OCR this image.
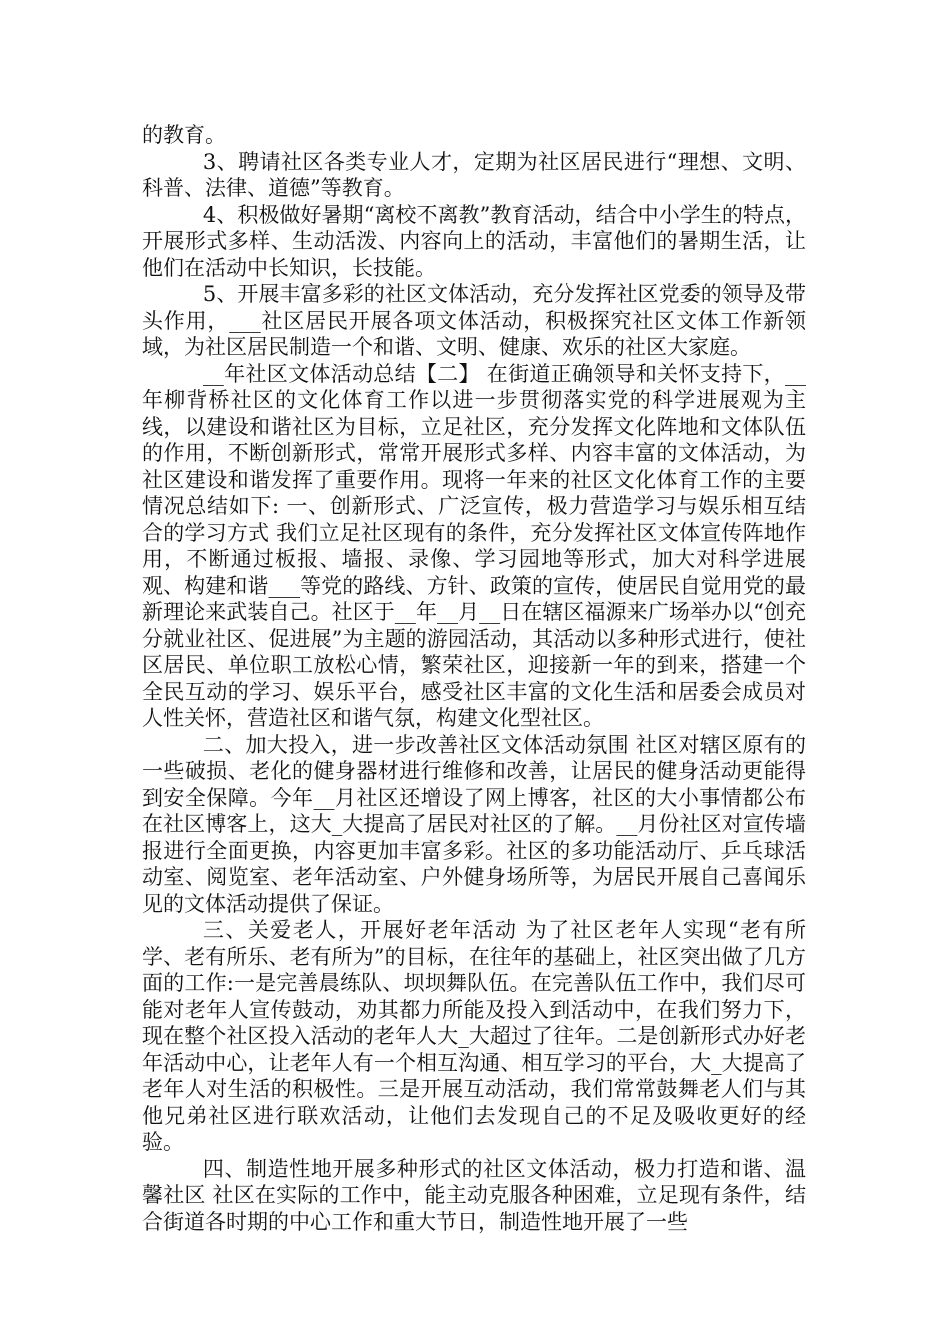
的教育。

3、聘请社区各类专业人才，定期为社区居民进行“理想、文明、科普、法律、道德”等教育。

4、积极做好暑期“离校不离教”教育活动，结合中小学生的特点，开展形式多样、生动活泼、内容向上的活动，丰富他们的暑期生活，让他们在活动中长知识，长技能。

5、开展丰富多彩的社区文体活动，充分发挥社区党委的领导及带头作用，___社区居民开展各项文体活动，积极探究社区文体工作新领域，为社区居民制造一个和谐、文明、健康、欢乐的社区大家庭。

__年社区文体活动总结【二】 在街道正确领导和关怀支持下，__年柳背桥社区的文化体育工作以进一步贯彻落实党的科学进展观为主线，以建设和谐社区为目标，立足社区，充分发挥文化阵地和文体队伍的作用，不断创新形式，常常开展形式多样、内容丰富的文体活动，为社区建设和谐发挥了重要作用。现将一年来的社区文化体育工作的主要情况总结如下: 一、创新形式、广泛宣传，极力营造学习与娱乐相互结合的学习方式 我们立足社区现有的条件，充分发挥社区文体宣传阵地作用，不断通过板报、墙报、录像、学习园地等形式，加大对科学进展观、构建和谐___等党的路线、方针、政策的宣传，使居民自觉用党的最新理论来武装自己。社区于__年__月__日在辖区福源来广场举办以“创充分就业社区、促进展”为主题的游园活动，其活动以多种形式进行，使社区居民、单位职工放松心情，繁荣社区，迎接新一年的到来，搭建一个全民互动的学习、娱乐平台，感受社区丰富的文化生活和居委会成员对人性关怀，营造社区和谐气氛，构建文化型社区。

二、加大投入，进一步改善社区文体活动氛围 社区对辖区原有的一些破损、老化的健身器材进行维修和改善，让居民的健身活动更能得到安全保障。今年__月社区还增设了网上博客，社区的大小事情都公布在社区博客上，这大_大提高了居民对社区的了解。__月份社区对宣传墙报进行全面更换，内容更加丰富多彩。社区的多功能活动厅、乒乓球活动室、阅览室、老年活动室、户外健身场所等，为居民开展自己喜闻乐见的文体活动提供了保证。

三、关爱老人，开展好老年活动 为了社区老年人实现“老有所学、老有所乐、老有所为”的目标，在往年的基础上，社区突出做了几方面的工作:一是完善晨练队、坝坝舞队伍。在完善队伍工作中，我们尽可能对老年人宣传鼓动，劝其都力所能及投入到活动中，在我们努力下，现在整个社区投入活动的老年人大_大超过了往年。二是创新形式办好老年活动中心，让老年人有一个相互沟通、相互学习的平台，大_大提高了老年人对生活的积极性。三是开展互动活动，我们常常鼓舞老人们与其他兄弟社区进行联欢活动，让他们去发现自己的不足及吸收更好的经验。

四、制造性地开展多种形式的社区文体活动，极力打造和谐、温馨社区 社区在实际的工作中，能主动克服各种困难，立足现有条件，结合街道各时期的中心工作和重大节日，制造性地开展了一些
